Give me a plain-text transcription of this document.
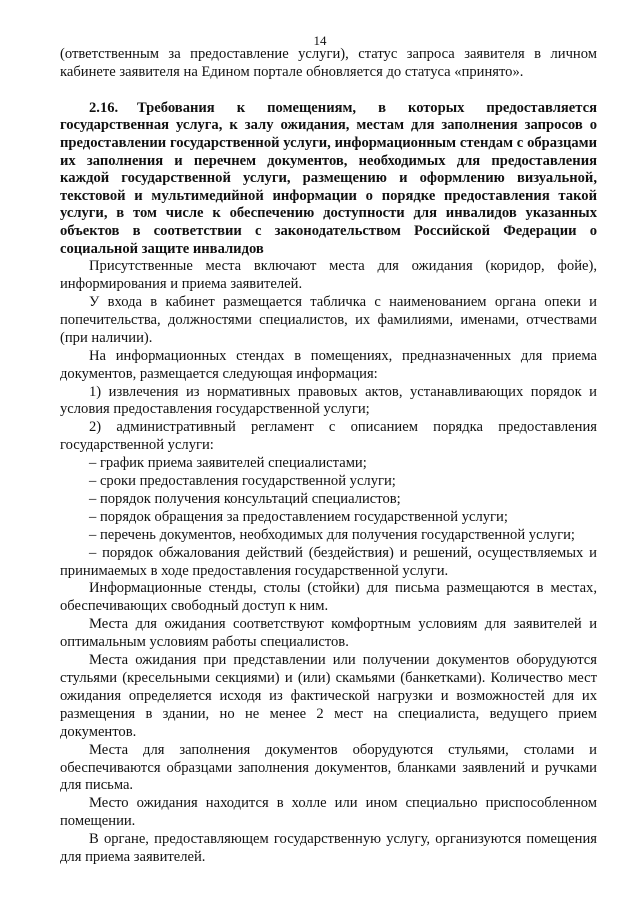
14

(ответственным за предоставление услуги), статус запроса заявителя в личном кабинете заявителя на Едином портале обновляется до статуса «принято».

2.16. Требования к помещениям, в которых предоставляется государственная услуга, к залу ожидания, местам для заполнения запросов о предоставлении государственной услуги, информационным стендам с образцами их заполнения и перечнем документов, необходимых для предоставления каждой государственной услуги, размещению и оформлению визуальной, текстовой и мультимедийной информации о порядке предоставления такой услуги, в том числе к обеспечению доступности для инвалидов указанных объектов в соответствии с законодательством Российской Федерации о социальной защите инвалидов

Присутственные места включают места для ожидания (коридор, фойе), информирования и приема заявителей.

У входа в кабинет размещается табличка с наименованием органа опеки и попечительства, должностями специалистов, их фамилиями, именами, отчествами (при наличии).

На информационных стендах в помещениях, предназначенных для приема документов, размещается следующая информация:

1) извлечения из нормативных правовых актов, устанавливающих порядок и условия предоставления государственной услуги;

2) административный регламент с описанием порядка предоставления государственной услуги:

– график приема заявителей специалистами;

– сроки предоставления государственной услуги;

– порядок получения консультаций специалистов;

– порядок обращения за предоставлением государственной услуги;

– перечень документов, необходимых для получения государственной услуги;

– порядок обжалования действий (бездействия) и решений, осуществляемых и принимаемых в ходе предоставления государственной услуги.

Информационные стенды, столы (стойки) для письма размещаются в местах, обеспечивающих свободный доступ к ним.

Места для ожидания соответствуют комфортным условиям для заявителей и оптимальным условиям работы специалистов.

Места ожидания при представлении или получении документов оборудуются стульями (кресельными секциями) и (или) скамьями (банкетками). Количество мест ожидания определяется исходя из фактической нагрузки и возможностей для их размещения в здании, но не менее 2 мест на специалиста, ведущего прием документов.

Места для заполнения документов оборудуются стульями, столами и обеспечиваются образцами заполнения документов, бланками заявлений и ручками для письма.

Место ожидания находится в холле или ином специально приспособленном помещении.

В органе, предоставляющем государственную услугу, организуются помещения для приема заявителей.
